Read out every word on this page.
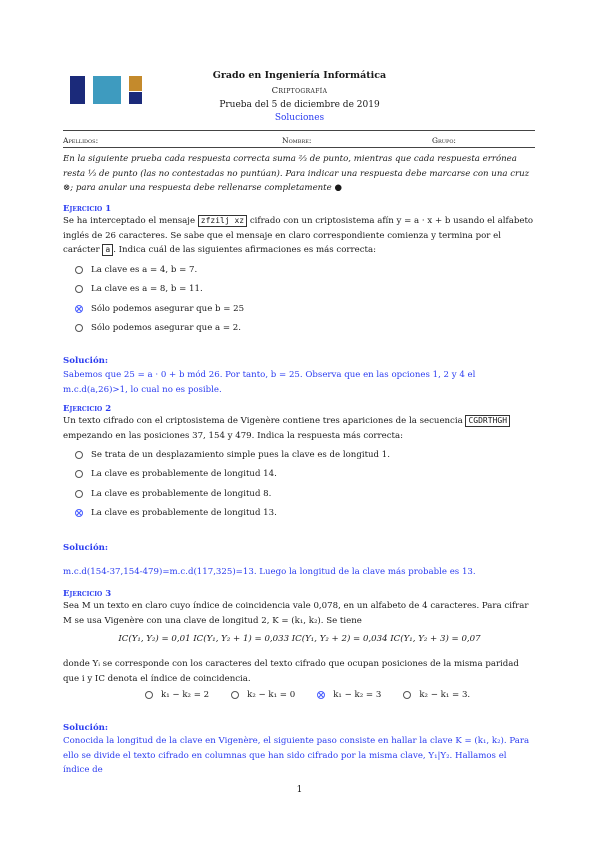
Grado en Ingeniería Informática
Criptografía
Prueba del 5 de diciembre de 2019
Soluciones
Apellidos:	Nombre:	Grupo:
En la siguiente prueba cada respuesta correcta suma ⅔ de punto, mientras que cada respuesta errónea resta ⅓ de punto (las no contestadas no puntúan). Para indicar una respuesta debe marcarse con una cruz ⊗; para anular una respuesta debe rellenarse completamente ●
Ejercicio 1
Se ha interceptado el mensaje zfzilj xz cifrado con un criptosistema afín y = a · x + b usando el alfabeto inglés de 26 caracteres. Se sabe que el mensaje en claro correspondiente comienza y termina por el carácter a . Indica cuál de las siguientes afirmaciones es más correcta:
La clave es a = 4, b = 7.
La clave es a = 8, b = 11.
Sólo podemos asegurar que b = 25
Sólo podemos asegurar que a = 2.
Solución:
Sabemos que 25 = a · 0 + b mód 26. Por tanto, b = 25. Observa que en las opciones 1, 2 y 4 el m.c.d(a,26)>1, lo cual no es posible.
Ejercicio 2
Un texto cifrado con el criptosistema de Vigenère contiene tres apariciones de la secuencia CGDRTHGH empezando en las posiciones 37, 154 y 479. Indica la respuesta más correcta:
Se trata de un desplazamiento simple pues la clave es de longitud 1.
La clave es probablemente de longitud 14.
La clave es probablemente de longitud 8.
La clave es probablemente de longitud 13.
Solución:
m.c.d(154-37,154-479)=m.c.d(117,325)=13. Luego la longitud de la clave más probable es 13.
Ejercicio 3
Sea M un texto en claro cuyo índice de coincidencia vale 0,078, en un alfabeto de 4 caracteres. Para cifrar M se usa Vigenère con una clave de longitud 2, K = (k₁, k₂). Se tiene
IC(Y₁, Y₂) = 0,01 IC(Y₁, Y₂ + 1) = 0,033 IC(Y₁, Y₂ + 2) = 0,034 IC(Y₁, Y₂ + 3) = 0,07
donde Yᵢ se corresponde con los caracteres del texto cifrado que ocupan posiciones de la misma paridad que i y IC denota el índice de coincidencia.
k₁ − k₂ = 2	k₂ − k₁ = 0	k₁ − k₂ = 3	k₂ − k₁ = 3.
Solución:
Conocida la longitud de la clave en Vigenère, el siguiente paso consiste en hallar la clave K = (k₁, k₂). Para ello se divide el texto cifrado en columnas que han sido cifrado por la misma clave, Y₁|Y₂. Hallamos el índice de
1
